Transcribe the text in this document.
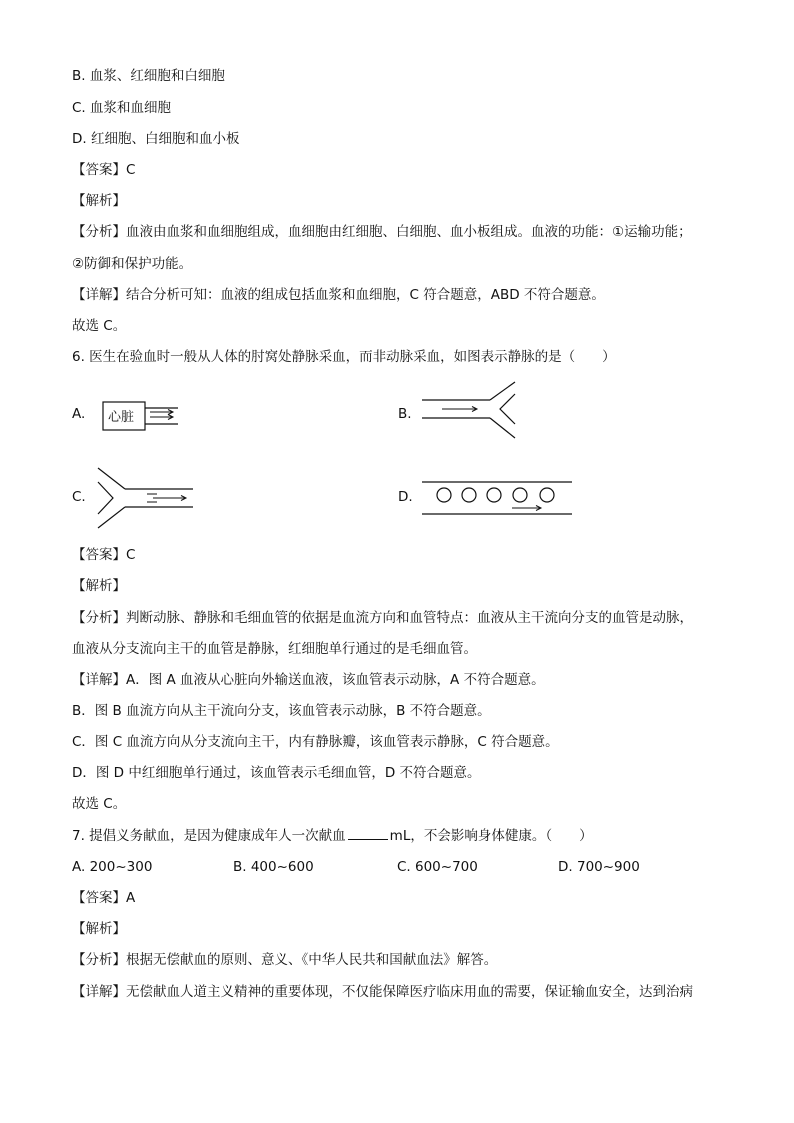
B. 血浆、红细胞和白细胞
C. 血浆和血细胞
D. 红细胞、白细胞和血小板
【答案】C
【解析】
【分析】血液由血浆和血细胞组成，血细胞由红细胞、白细胞、血小板组成。血液的功能：①运输功能；
②防御和保护功能。
【详解】结合分析可知：血液的组成包括血浆和血细胞，C 符合题意，ABD 不符合题意。
故选 C。
6. 医生在验血时一般从人体的肘窝处静脉采血，而非动脉采血，如图表示静脉的是（　　）
A. 心脏	B.
C.	D.
【答案】C
【解析】
【分析】判断动脉、静脉和毛细血管的依据是血流方向和血管特点：血液从主干流向分支的血管是动脉，
血液从分支流向主干的血管是静脉，红细胞单行通过的是毛细血管。
【详解】A．图 A 血液从心脏向外输送血液，该血管表示动脉，A 不符合题意。
B．图 B 血流方向从主干流向分支，该血管表示动脉，B 不符合题意。
C．图 C 血流方向从分支流向主干，内有静脉瓣，该血管表示静脉，C 符合题意。
D．图 D 中红细胞单行通过，该血管表示毛细血管，D 不符合题意。
故选 C。
7. 提倡义务献血，是因为健康成年人一次献血	mL，不会影响身体健康。（　　）
A. 200~300	B. 400~600	C. 600~700	D. 700~900
【答案】A
【解析】
【分析】根据无偿献血的原则、意义、《中华人民共和国献血法》解答。
【详解】无偿献血人道主义精神的重要体现，不仅能保障医疗临床用血的需要，保证输血安全，达到治病
